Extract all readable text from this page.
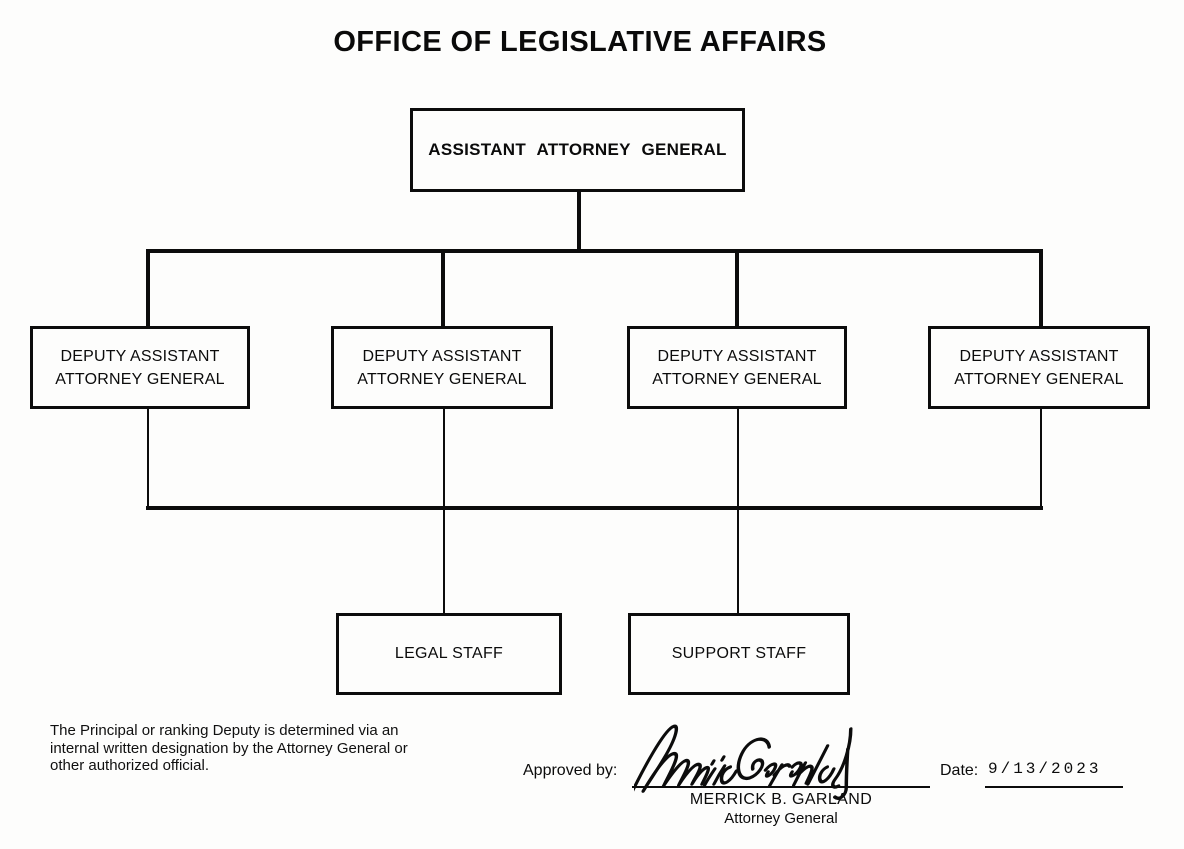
OFFICE OF LEGISLATIVE AFFAIRS
ASSISTANT ATTORNEY GENERAL
DEPUTY ASSISTANT ATTORNEY GENERAL
DEPUTY ASSISTANT ATTORNEY GENERAL
DEPUTY ASSISTANT ATTORNEY GENERAL
DEPUTY ASSISTANT ATTORNEY GENERAL
LEGAL STAFF	SUPPORT STAFF

The Principal or ranking Deputy is determined via an internal written designation by the Attorney General or other authorized official.	Approved by:
MERRICK B. GARLAND
Attorney General
Date: 9/13/2023
